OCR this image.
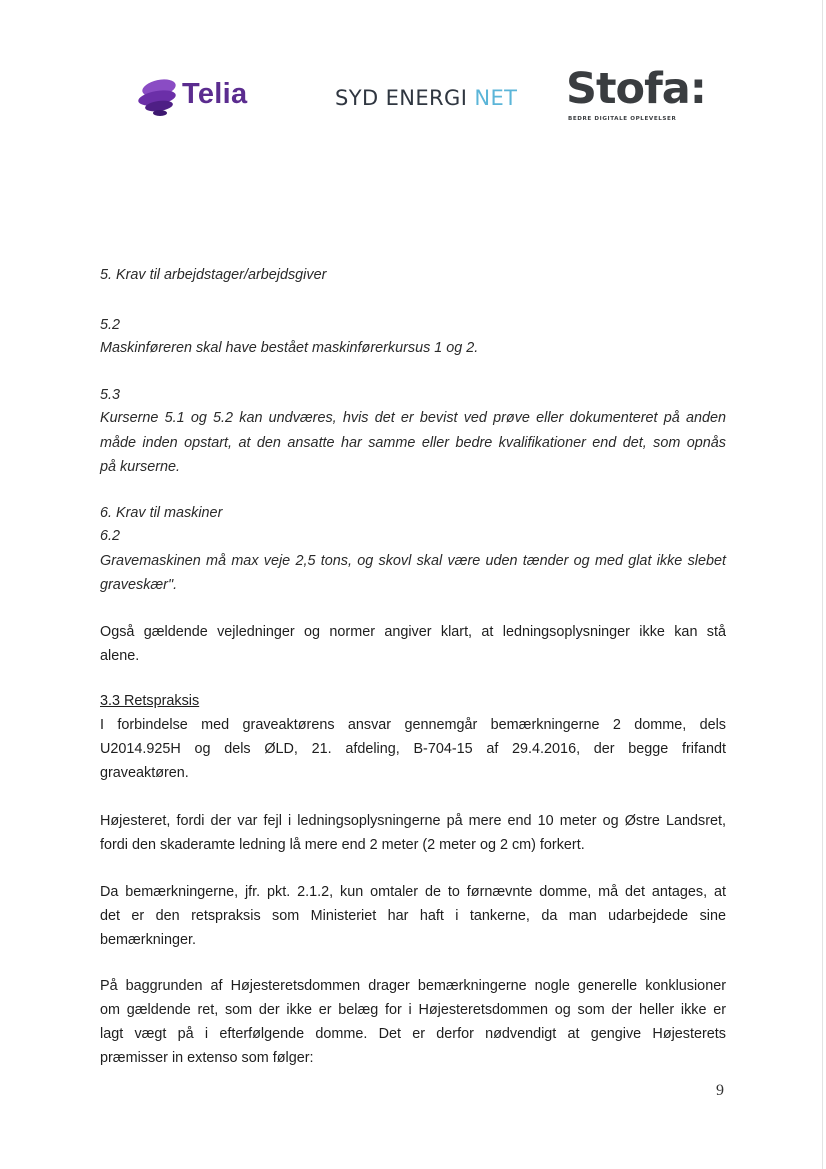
Telia	SYD ENERGI NET Stofa:
BEDRE DIGITALE OPLEVELSER
5. Krav til arbejdstager/arbejdsgiver
5.2
Maskinføreren skal have bestået maskinførerkursus 1 og 2.
5.3
Kurserne 5.1 og 5.2 kan undværes, hvis det er bevist ved prøve eller dokumenteret på anden
måde inden opstart, at den ansatte har samme eller bedre kvalifikationer end det, som opnås
på kurserne.
6. Krav til maskiner
6.2
Gravemaskinen må max veje 2,5 tons, og skovl skal være uden tænder og med glat ikke slebet
graveskær".
Også gældende vejledninger og normer angiver klart, at ledningsoplysninger ikke kan stå
alene.
3.3 Retspraksis
I forbindelse med graveaktørens ansvar gennemgår bemærkningerne 2 domme, dels
U2014.925H og dels ØLD, 21. afdeling, B-704-15 af 29.4.2016, der begge frifandt
graveaktøren.
Højesteret, fordi der var fejl i ledningsoplysningerne på mere end 10 meter og Østre Landsret,
fordi den skaderamte ledning lå mere end 2 meter (2 meter og 2 cm) forkert.
Da bemærkningerne, jfr. pkt. 2.1.2, kun omtaler de to førnævnte domme, må det antages, at
det er den retspraksis som Ministeriet har haft i tankerne, da man udarbejdede sine
bemærkninger.
På baggrunden af Højesteretsdommen drager bemærkningerne nogle generelle konklusioner
om gældende ret, som der ikke er belæg for i Højesteretsdommen og som der heller ikke er
lagt vægt på i efterfølgende domme. Det er derfor nødvendigt at gengive Højesterets
præmisser in extenso som følger:
9
